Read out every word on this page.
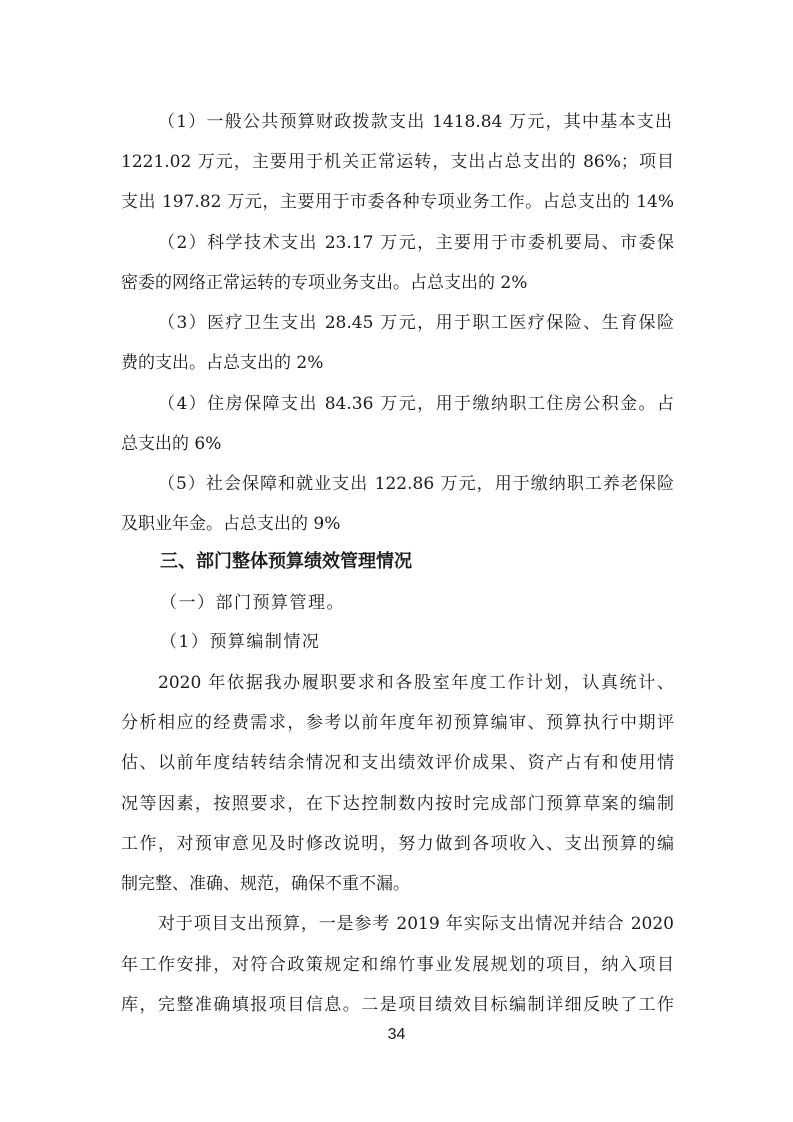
（1）一般公共预算财政拨款支出 1418.84 万元，其中基本支出
1221.02 万元，主要用于机关正常运转，支出占总支出的 86%；项目
支出 197.82 万元，主要用于市委各种专项业务工作。占总支出的 14%
（2）科学技术支出 23.17 万元，主要用于市委机要局、市委保
密委的网络正常运转的专项业务支出。占总支出的 2%
（3）医疗卫生支出 28.45 万元，用于职工医疗保险、生育保险
费的支出。占总支出的 2%
（4）住房保障支出 84.36 万元，用于缴纳职工住房公积金。占
总支出的 6%
（5）社会保障和就业支出 122.86 万元，用于缴纳职工养老保险
及职业年金。占总支出的 9%
三、部门整体预算绩效管理情况
（一）部门预算管理。
（1）预算编制情况
2020 年依据我办履职要求和各股室年度工作计划，认真统计、
分析相应的经费需求，参考以前年度年初预算编审、预算执行中期评
估、以前年度结转结余情况和支出绩效评价成果、资产占有和使用情
况等因素，按照要求，在下达控制数内按时完成部门预算草案的编制
工作，对预审意见及时修改说明，努力做到各项收入、支出预算的编
制完整、准确、规范，确保不重不漏。
对于项目支出预算，一是参考 2019 年实际支出情况并结合 2020
年工作安排，对符合政策规定和绵竹事业发展规划的项目，纳入项目
库，完整准确填报项目信息。二是项目绩效目标编制详细反映了工作
34
